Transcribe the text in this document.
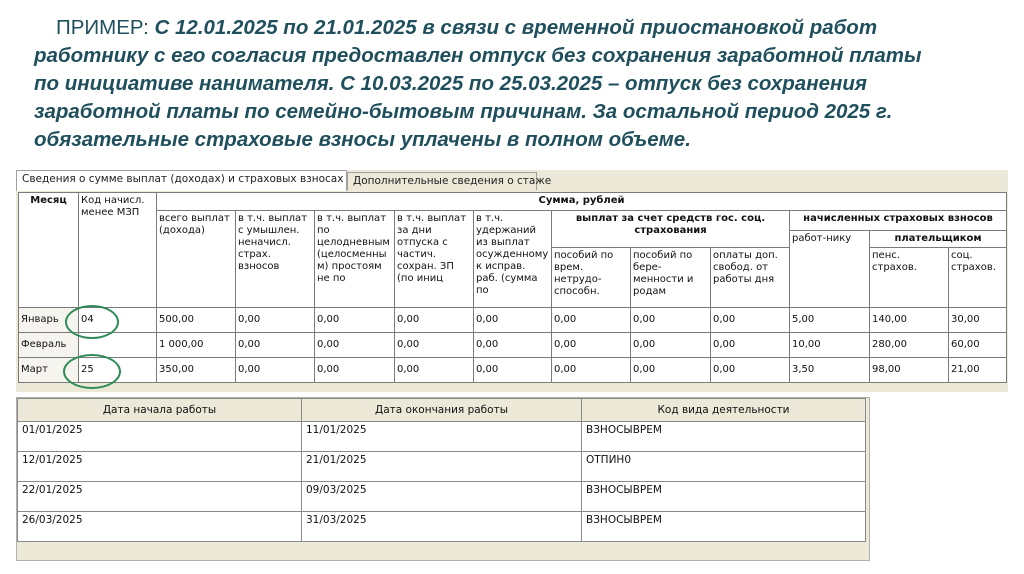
ПРИМЕР: С 12.01.2025 по 21.01.2025 в связи с временной приостановкой работ
работнику с его согласия предоставлен отпуск без сохранения заработной платы
по инициативе нанимателя. С 10.03.2025 по 25.03.2025 – отпуск без сохранения
заработной платы по семейно-бытовым причинам. За остальной период 2025 г.
обязательные страховые взносы уплачены в полном объеме.
Сведения о сумме выплат (доходах) и страховых взносах Дополнительные сведения о стаже
Месяц	Код начисл. менее МЗП	Сумма, рублей										
		всего выплат (дохода)	в т.ч. выплат с умышлен. неначисл. страх. взносов	в т.ч. выплат по целодневным (целосменным) простоям не по	в т.ч. выплат за дни отпуска с частич. сохран. ЗП (по иниц	в т.ч. удержаний из выплат осужденному к исправ. раб. (сумма по	выплат за счет средств гос. соц. страхования			начисленных страховых взносов		
										работ-нику	плательщиком	
							пособий по врем. нетрудо-способн.	пособий по бере-менности и родам	оплаты доп. свобод. от работы дня		пенс. страхов.	соц. страхов.
Январь	04	500,00	0,00	0,00	0,00	0,00	0,00	0,00	0,00	5,00	140,00	30,00
Февраль		1 000,00	0,00	0,00	0,00	0,00	0,00	0,00	0,00	10,00	280,00	60,00
Март	25	350,00	0,00	0,00	0,00	0,00	0,00	0,00	0,00	3,50	98,00	21,00
Дата начала работы	Дата окончания работы	Код вида деятельности
01/01/2025	11/01/2025	ВЗНОСЫВРЕМ
12/01/2025	21/01/2025	ОТПИН0
22/01/2025	09/03/2025	ВЗНОСЫВРЕМ
26/03/2025	31/03/2025	ВЗНОСЫВРЕМ
